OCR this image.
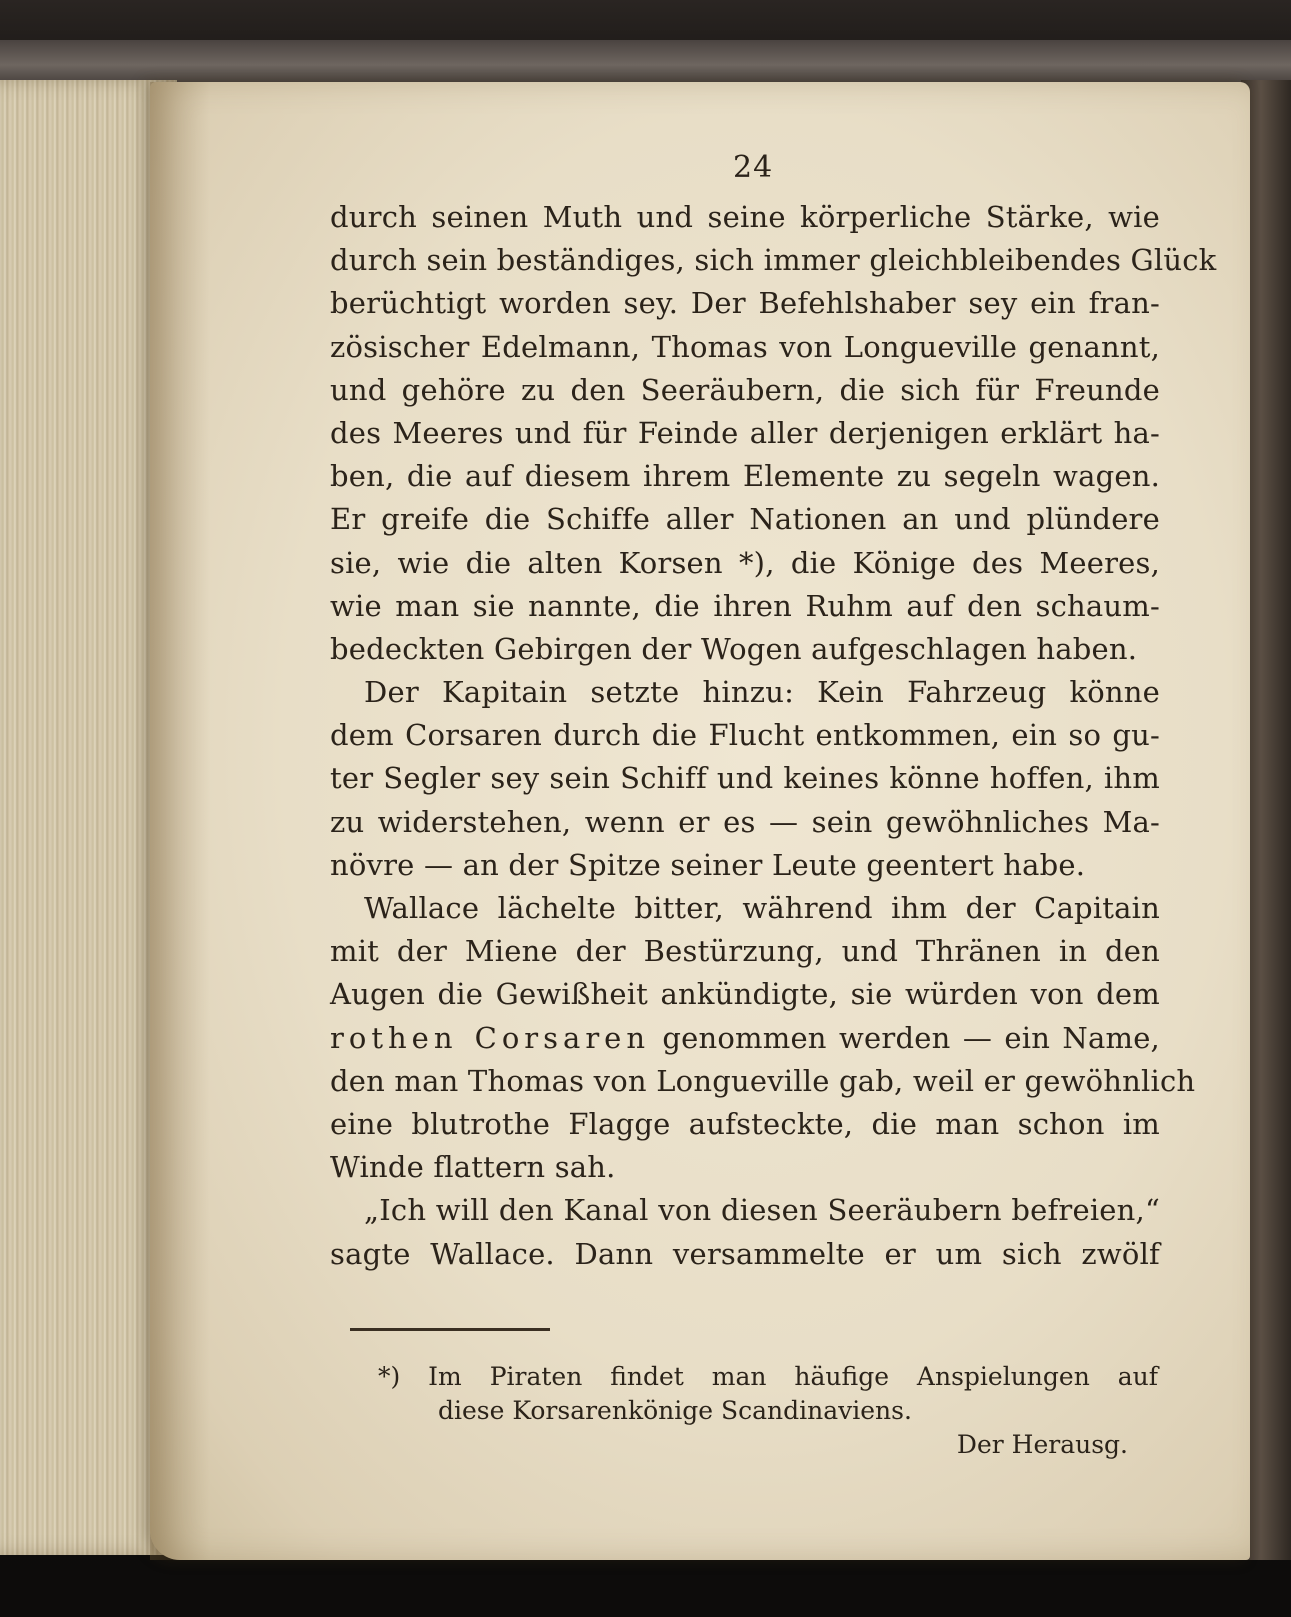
24
durch seinen Muth und seine körperliche Stärke, wie
durch sein beständiges, sich immer gleichbleibendes Glück
berüchtigt worden sey. Der Befehlshaber sey ein fran-
zösischer Edelmann, Thomas von Longueville genannt,
und gehöre zu den Seeräubern, die sich für Freunde
des Meeres und für Feinde aller derjenigen erklärt ha-
ben, die auf diesem ihrem Elemente zu segeln wagen.
Er greife die Schiffe aller Nationen an und plündere
sie, wie die alten Korsen *), die Könige des Meeres,
wie man sie nannte, die ihren Ruhm auf den schaum-
bedeckten Gebirgen der Wogen aufgeschlagen haben.
Der Kapitain setzte hinzu: Kein Fahrzeug könne
dem Corsaren durch die Flucht entkommen, ein so gu-
ter Segler sey sein Schiff und keines könne hoffen, ihm
zu widerstehen, wenn er es — sein gewöhnliches Ma-
növre — an der Spitze seiner Leute geentert habe.
Wallace lächelte bitter, während ihm der Capitain
mit der Miene der Bestürzung, und Thränen in den
Augen die Gewißheit ankündigte, sie würden von dem
rothen Corsaren genommen werden — ein Name,
den man Thomas von Longueville gab, weil er gewöhnlich
eine blutrothe Flagge aufsteckte, die man schon im
Winde flattern sah.
„Ich will den Kanal von diesen Seeräubern befreien,“
sagte Wallace. Dann versammelte er um sich zwölf
*) Im Piraten findet man häufige Anspielungen auf
diese Korsarenkönige Scandinaviens.
Der Herausg.
